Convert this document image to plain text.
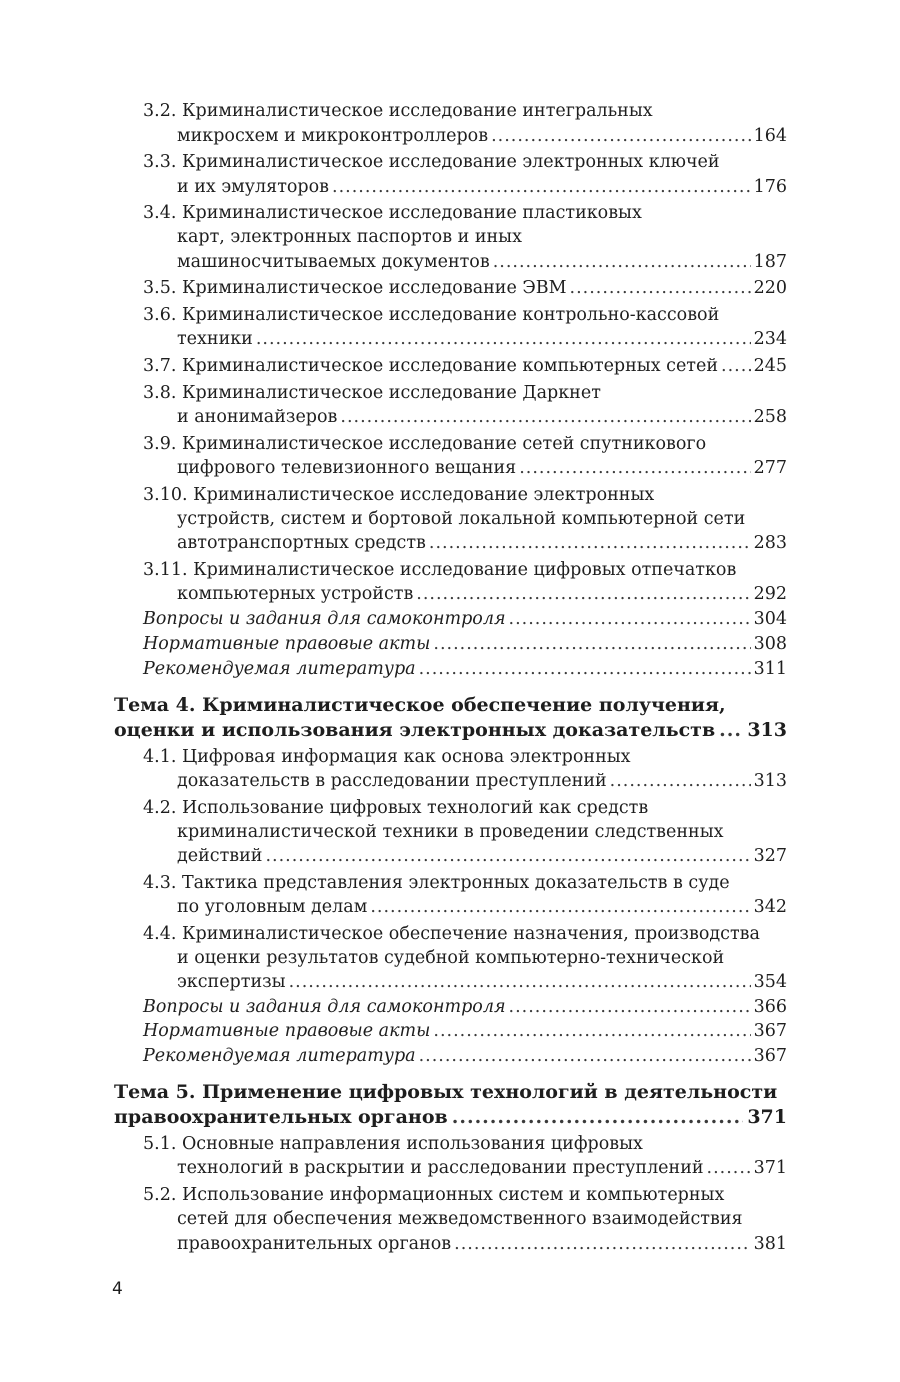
3.2. Криминалистическое исследование интегральных
микросхем и микроконтроллеров .....	164
3.3. Криминалистическое исследование электронных ключей
и их эмуляторов .....	176
3.4. Криминалистическое исследование пластиковых
карт, электронных паспортов и иных
машиносчитываемых документов .....	187
3.5. Криминалистическое исследование ЭВМ .....	220
3.6. Криминалистическое исследование контрольно-кассовой
техники .....	234
3.7. Криминалистическое исследование компьютерных сетей ..... 245
3.8. Криминалистическое исследование Даркнет
и анонимайзеров .....	258
3.9. Криминалистическое исследование сетей спутникового
цифрового телевизионного вещания .....	277
3.10. Криминалистическое исследование электронных
устройств, систем и бортовой локальной компьютерной сети
автотранспортных средств .....	283
3.11. Криминалистическое исследование цифровых отпечатков
компьютерных устройств .....	292
Вопросы и задания для самоконтроля .....	304
Нормативные правовые акты .....	308
Рекомендуемая литература .....	311
Тема 4. Криминалистическое обеспечение получения,
оценки и использования электронных доказательств ..... 313
4.1. Цифровая информация как основа электронных
доказательств в расследовании преступлений .....	313
4.2. Использование цифровых технологий как средств
криминалистической техники в проведении следственных
действий .....	327
4.3. Тактика представления электронных доказательств в суде
по уголовным делам .....	342
4.4. Криминалистическое обеспечение назначения, производства
и оценки результатов судебной компьютерно-технической
экспертизы .....	354
Вопросы и задания для самоконтроля .....	366
Нормативные правовые акты .....	367
Рекомендуемая литература .....	367
Тема 5. Применение цифровых технологий в деятельности
правоохранительных органов .....	371
5.1. Основные направления использования цифровых
технологий в раскрытии и расследовании преступлений .....	371
5.2. Использование информационных систем и компьютерных
сетей для обеспечения межведомственного взаимодействия
правоохранительных органов .....	381
4
